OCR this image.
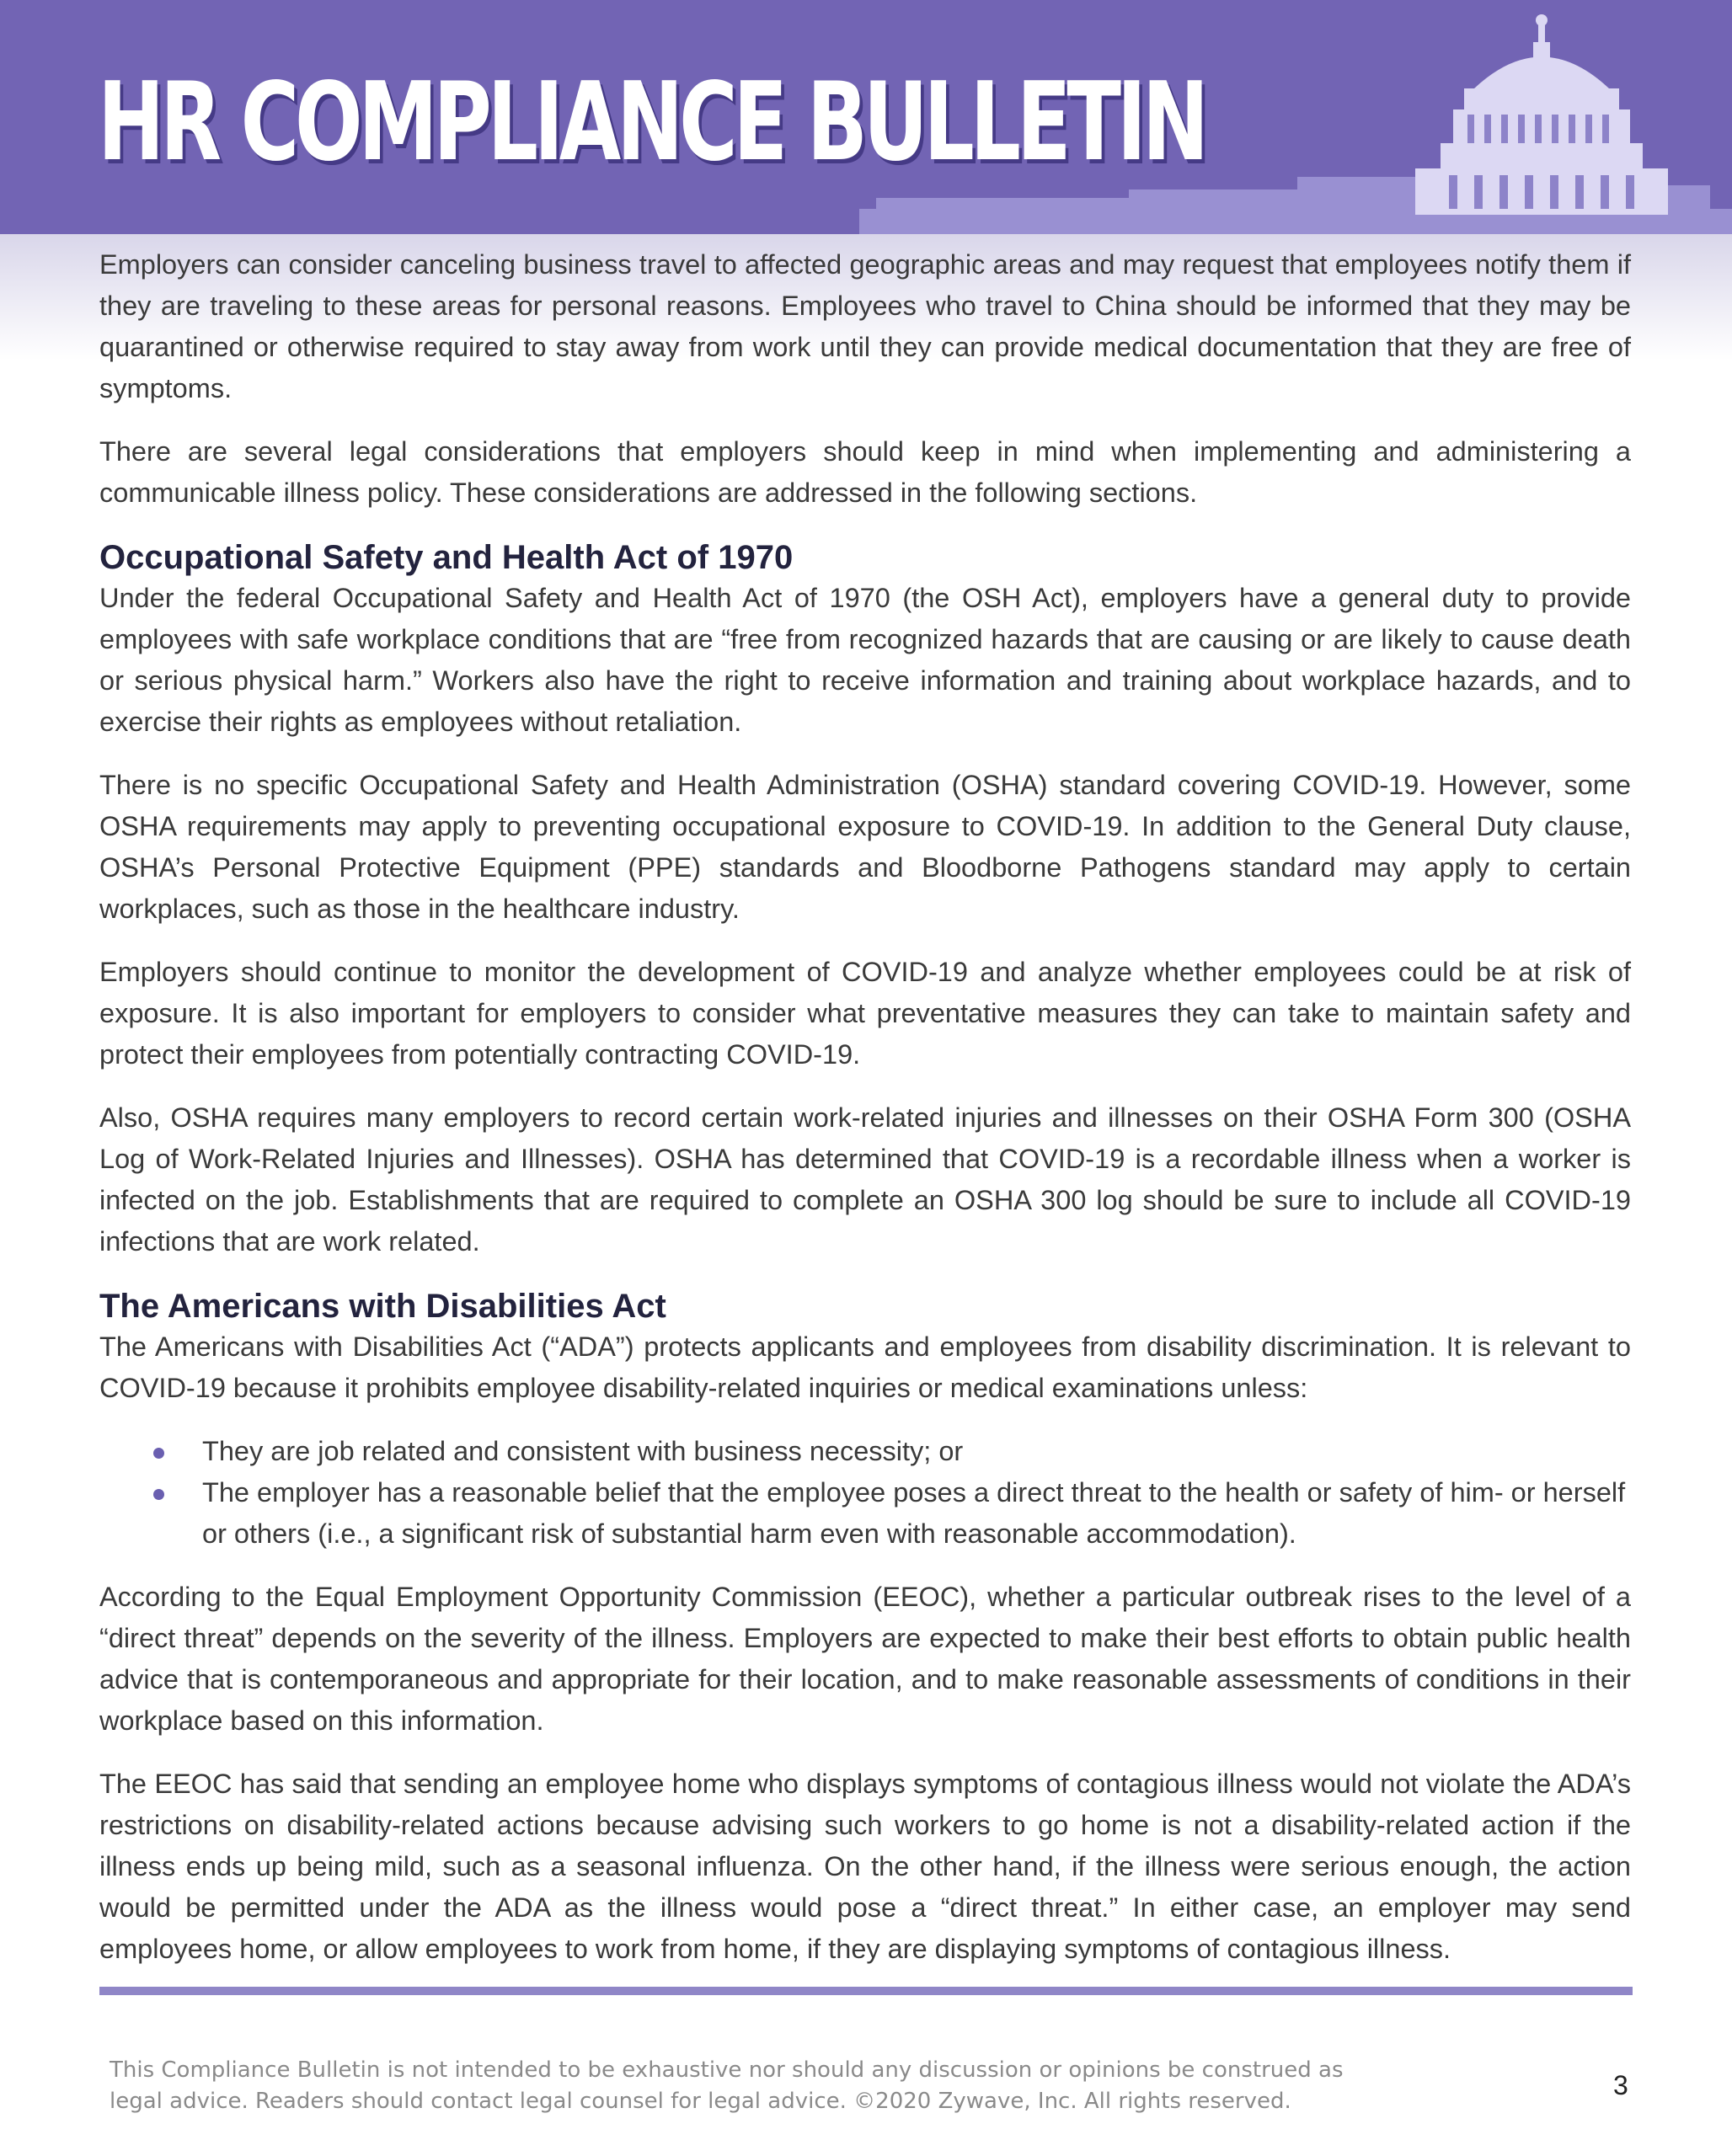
HR COMPLIANCE BULLETIN

Employers can consider canceling business travel to affected geographic areas and may request that employees notify them if they are traveling to these areas for personal reasons. Employees who travel to China should be informed that they may be quarantined or otherwise required to stay away from work until they can provide medical documentation that they are free of symptoms.

There are several legal considerations that employers should keep in mind when implementing and administering a communicable illness policy. These considerations are addressed in the following sections.

Occupational Safety and Health Act of 1970

Under the federal Occupational Safety and Health Act of 1970 (the OSH Act), employers have a general duty to provide employees with safe workplace conditions that are “free from recognized hazards that are causing or are likely to cause death or serious physical harm.” Workers also have the right to receive information and training about workplace hazards, and to exercise their rights as employees without retaliation.

There is no specific Occupational Safety and Health Administration (OSHA) standard covering COVID-19. However, some OSHA requirements may apply to preventing occupational exposure to COVID-19. In addition to the General Duty clause, OSHA’s Personal Protective Equipment (PPE) standards and Bloodborne Pathogens standard may apply to certain workplaces, such as those in the healthcare industry.

Employers should continue to monitor the development of COVID-19 and analyze whether employees could be at risk of exposure. It is also important for employers to consider what preventative measures they can take to maintain safety and protect their employees from potentially contracting COVID-19.

Also, OSHA requires many employers to record certain work-related injuries and illnesses on their OSHA Form 300 (OSHA Log of Work-Related Injuries and Illnesses). OSHA has determined that COVID-19 is a recordable illness when a worker is infected on the job. Establishments that are required to complete an OSHA 300 log should be sure to include all COVID-19 infections that are work related.

The Americans with Disabilities Act

The Americans with Disabilities Act (“ADA”) protects applicants and employees from disability discrimination. It is relevant to COVID-19 because it prohibits employee disability-related inquiries or medical examinations unless:

They are job related and consistent with business necessity; or
The employer has a reasonable belief that the employee poses a direct threat to the health or safety of him- or herself or others (i.e., a significant risk of substantial harm even with reasonable accommodation).

According to the Equal Employment Opportunity Commission (EEOC), whether a particular outbreak rises to the level of a “direct threat” depends on the severity of the illness. Employers are expected to make their best efforts to obtain public health advice that is contemporaneous and appropriate for their location, and to make reasonable assessments of conditions in their workplace based on this information.

The EEOC has said that sending an employee home who displays symptoms of contagious illness would not violate the ADA’s restrictions on disability-related actions because advising such workers to go home is not a disability-related action if the illness ends up being mild, such as a seasonal influenza. On the other hand, if the illness were serious enough, the action would be permitted under the ADA as the illness would pose a “direct threat.” In either case, an employer may send employees home, or allow employees to work from home, if they are displaying symptoms of contagious illness.

This Compliance Bulletin is not intended to be exhaustive nor should any discussion or opinions be construed as
legal advice. Readers should contact legal counsel for legal advice. ©2020 Zywave, Inc. All rights reserved.
3
